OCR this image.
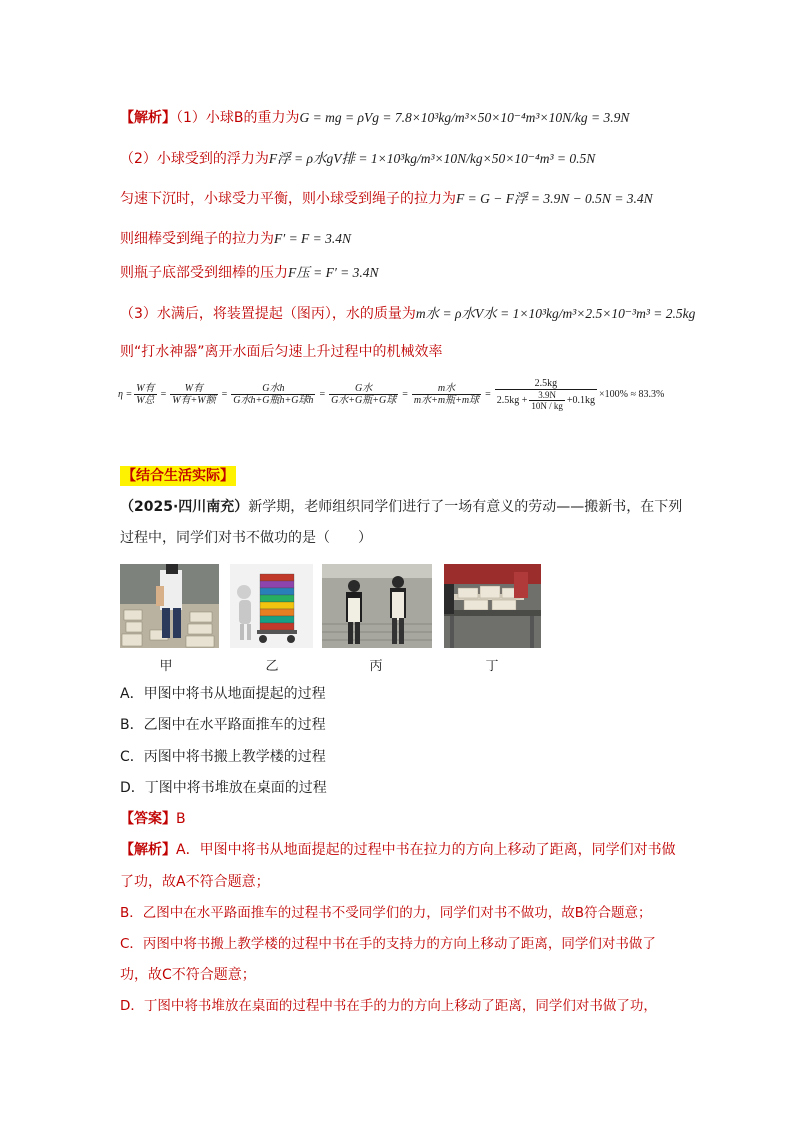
【解析】（1）小球B的重力为G = mg = ρVg = 7.8×10³kg/m³×50×10⁻⁴m³×10N/kg = 3.9N
（2）小球受到的浮力为F浮 = ρ水gV排 = 1×10³kg/m³×10N/kg×50×10⁻⁴m³ = 0.5N
匀速下沉时，小球受力平衡，则小球受到绳子的拉力为F = G − F浮 = 3.9N − 0.5N = 3.4N
则细棒受到绳子的拉力为F′ = F = 3.4N
则瓶子底部受到细棒的压力F压 = F′ = 3.4N
（3）水满后，将装置提起（图丙），水的质量为m水 = ρ水V水 = 1×10³kg/m³×2.5×10⁻³m³ = 2.5kg
则“打水神器”离开水面后匀速上升过程中的机械效率
$\eta = \frac{\text{W有}}{\text{W总}} = \frac{\text{W有}}{\text{W有+W额}} = \frac{\text{G水h}}{\text{G水h+G瓶h+G球h}} = \frac{\text{G水}}{\text{G水+G瓶+G球}} = \frac{\text{m水}}{\text{m水+m瓶+m球}} = \frac{2.5kg}{2.5kg + \frac{3.9N}{10N / kg} +0.1kg} \times 100\% \approx 83.3\%$
【结合生活实际】
（2025·四川南充）新学期，老师组织同学们进行了一场有意义的劳动——搬新书，在下列
过程中，同学们对书不做功的是（　　）
甲	乙	丙	丁
A．甲图中将书从地面提起的过程
B．乙图中在水平路面推车的过程
C．丙图中将书搬上教学楼的过程
D．丁图中将书堆放在桌面的过程
【答案】B
【解析】A．甲图中将书从地面提起的过程中书在拉力的方向上移动了距离，同学们对书做
了功，故A不符合题意；
B．乙图中在水平路面推车的过程书不受同学们的力，同学们对书不做功，故B符合题意；
C．丙图中将书搬上教学楼的过程中书在手的支持力的方向上移动了距离，同学们对书做了
功，故C不符合题意；
D．丁图中将书堆放在桌面的过程中书在手的力的方向上移动了距离，同学们对书做了功，
